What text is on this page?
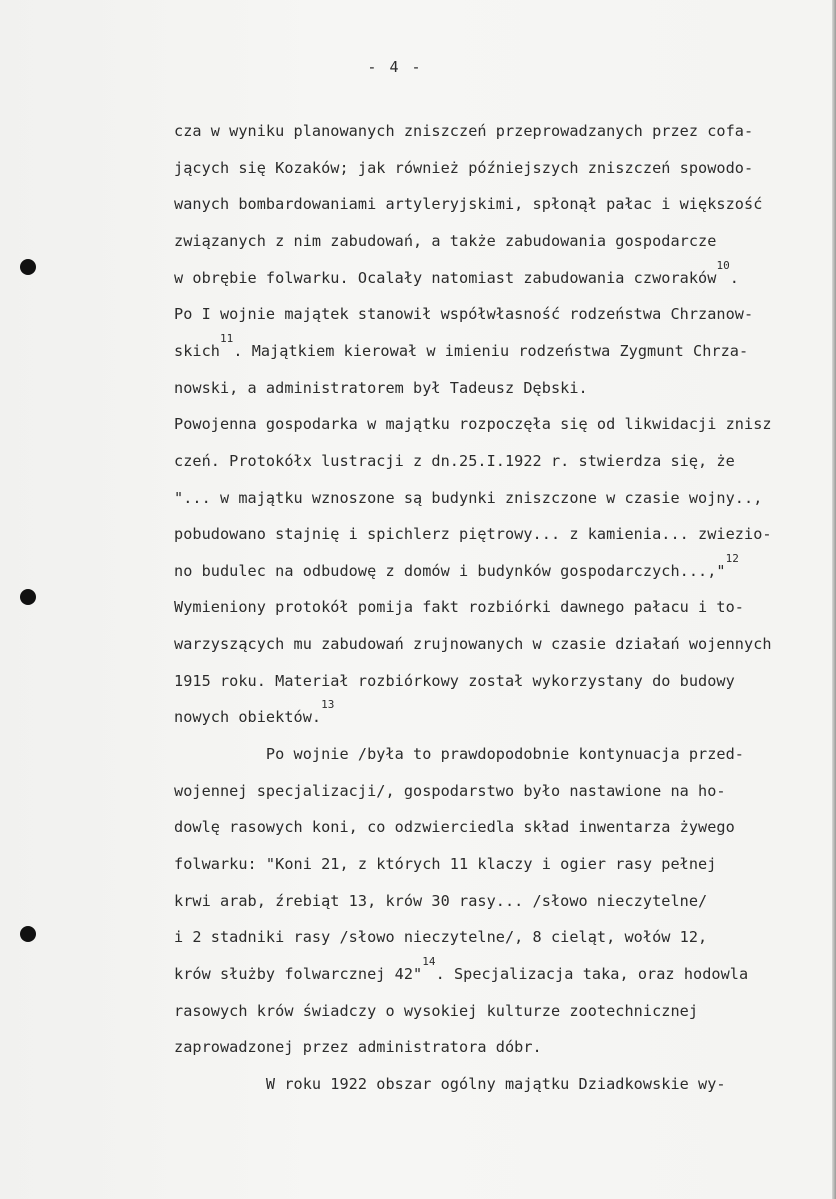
- 4 -
cza w wyniku planowanych zniszczeń przeprowadzanych przez cofa-
jących się Kozaków; jak również późniejszych zniszczeń spowodo-
wanych bombardowaniami artyleryjskimi, spłonął pałac i większość
związanych z nim zabudowań, a także zabudowania gospodarcze
w obrębie folwarku. Ocalały natomiast zabudowania czworaków$^{10}$.
Po I wojnie majątek stanowił współwłasność rodzeństwa Chrzanow-
skich$^{11}$. Majątkiem kierował w imieniu rodzeństwa Zygmunt Chrza-
nowski, a administratorem był Tadeusz Dębski.
Powojenna gospodarka w majątku rozpoczęła się od likwidacji znisz
czeń. Protokółx lustracji z dn.25.I.1922 r. stwierdza się, że
"... w majątku wznoszone są budynki zniszczone w czasie wojny..,
pobudowano stajnię i spichlerz piętrowy... z kamienia... zwiezio-
no budulec na odbudowę z domów i budynków gospodarczych...,"$^{12}$
Wymieniony protokół pomija fakt rozbiórki dawnego pałacu i to-
warzyszących mu zabudowań zrujnowanych w czasie działań wojennych
1915 roku. Materiał rozbiórkowy został wykorzystany do budowy
nowych obiektów.$^{13}$
Po wojnie /była to prawdopodobnie kontynuacja przed-
wojennej specjalizacji/, gospodarstwo było nastawione na ho-
dowlę rasowych koni, co odzwierciedla skład inwentarza żywego
folwarku: "Koni 21, z których 11 klaczy i ogier rasy pełnej
krwi arab, źrebiąt 13, krów 30 rasy... /słowo nieczytelne/
i 2 stadniki rasy /słowo nieczytelne/, 8 cieląt, wołów 12,
krów służby folwarcznej 42"$^{14}$. Specjalizacja taka, oraz hodowla
rasowych krów świadczy o wysokiej kulturze zootechnicznej
zaprowadzonej przez administratora dóbr.
W roku 1922 obszar ogólny majątku Dziadkowskie wy-
